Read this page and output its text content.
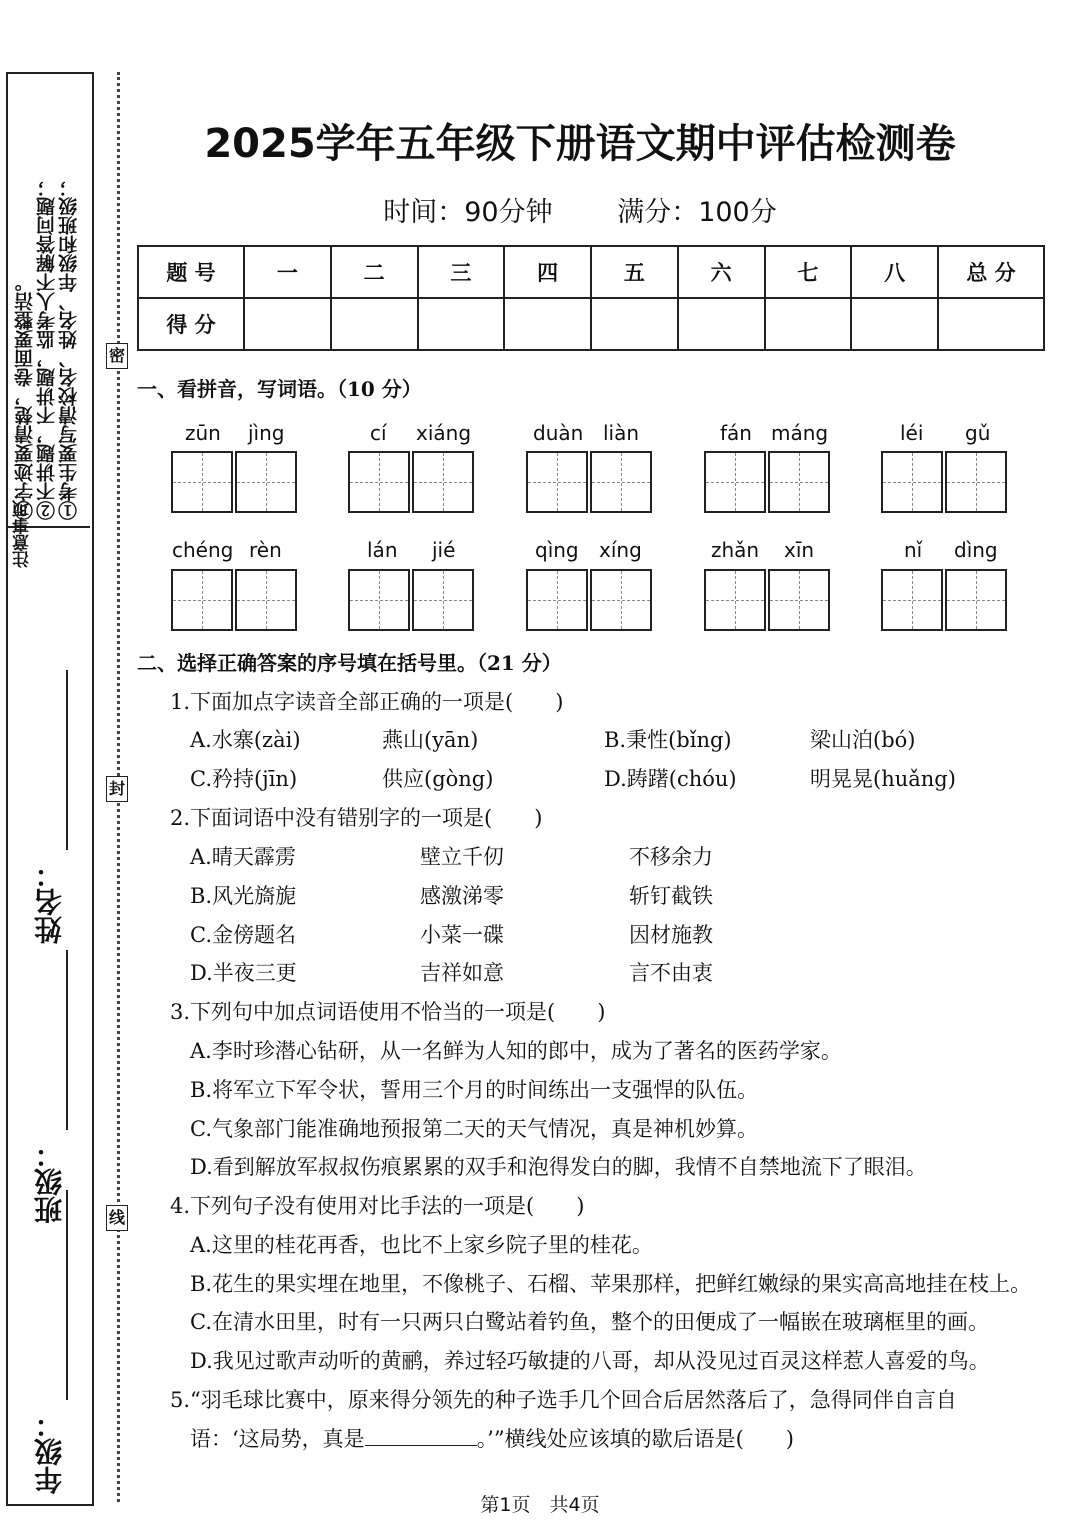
③字迹要清楚，卷面要整洁。 ②不讲题，不讲题，监考人不解答问题； ①考生要写清校名、姓名、年级和班级；
注意事项
年级：
班级：
姓名：
密
封
线
2025学年五年级下册语文期中评估检测卷
时间：90分钟 满分：100分
题 号	一	二	三	四	五	六	七	八	总 分
得 分									
一、看拼音，写词语。（10 分）
zūn jìng	cí xiáng	duàn liàn	fán máng	léi gǔ
chéng rèn	lán jié	qìng xíng	zhǎn xīn	nǐ dìng
二、选择正确答案的序号填在括号里。（21 分）
1.下面加点字读音全部正确的一项是(　　)
A.水寨(zài)	燕山(yān)	B.秉性(bǐng)	梁山泊(bó)
C.矜持(jīn)	供应(gòng)	D.踌躇(chóu)	明晃晃(huǎng)
2.下面词语中没有错别字的一项是(　　)
A.晴天霹雳	壁立千仞	不移余力
B.风光旖旎	感激涕零	斩钉截铁
C.金傍题名	小菜一碟	因材施教
D.半夜三更	吉祥如意	言不由衷
3.下列句中加点词语使用不恰当的一项是(　　)
A.李时珍潜心钻研，从一名鲜为人知的郎中，成为了著名的医药学家。
B.将军立下军令状，誓用三个月的时间练出一支强悍的队伍。
C.气象部门能准确地预报第二天的天气情况，真是神机妙算。
D.看到解放军叔叔伤痕累累的双手和泡得发白的脚，我情不自禁地流下了眼泪。
4.下列句子没有使用对比手法的一项是(　　)
A.这里的桂花再香，也比不上家乡院子里的桂花。
B.花生的果实埋在地里，不像桃子、石榴、苹果那样，把鲜红嫩绿的果实高高地挂在枝上。
C.在清水田里，时有一只两只白鹭站着钓鱼，整个的田便成了一幅嵌在玻璃框里的画。
D.我见过歌声动听的黄鹂，养过轻巧敏捷的八哥，却从没见过百灵这样惹人喜爱的鸟。
5.“羽毛球比赛中，原来得分领先的种子选手几个回合后居然落后了，急得同伴自言自
语：‘这局势，真是	。’”横线处应该填的歇后语是(　　)
第1页　共4页
